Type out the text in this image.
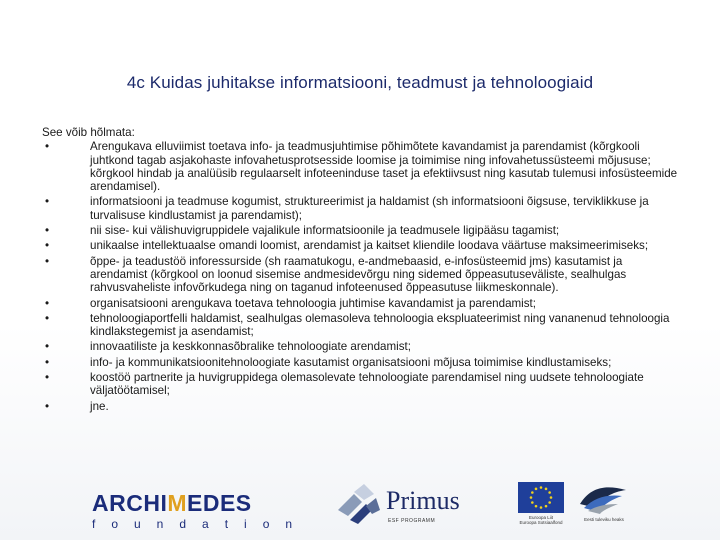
4c Kuidas juhitakse informatsiooni, teadmust ja tehnoloogiaid
See võib hõlmata:
•	Arengukava elluviimist toetava info- ja teadmusjuhtimise põhimõtete kavandamist ja parendamist (kõrgkooli juhtkond tagab asjakohaste infovahetusprotsesside loomise ja toimimise ning infovahetussüsteemi mõjususe; kõrgkool hindab ja analüüsib regulaarselt infoteeninduse taset ja efektiivsust ning kasutab tulemusi infosüsteemide arendamisel).
•	informatsiooni ja teadmuse kogumist, struktureerimist ja haldamist (sh informatsiooni õigsuse, terviklikkuse ja turvalisuse kindlustamist ja parendamist);
•	nii sise- kui välishuvigruppidele vajalikule informatsioonile ja teadmusele ligipääsu tagamist;
•	unikaalse intellektuaalse omandi loomist, arendamist ja kaitset kliendile loodava väärtuse maksimeerimiseks;
•	õppe- ja teadustöö inforessurside (sh raamatukogu, e-andmebaasid, e-infosüsteemid jms) kasutamist ja arendamist (kõrgkool on loonud sisemise andmesidevõrgu ning sidemed õppeasutuseväliste, sealhulgas rahvusvaheliste infovõrkudega ning on taganud infoteenused õppeasutuse liikmeskonnale).
•	organisatsiooni arengukava toetava tehnoloogia juhtimise kavandamist ja parendamist;
•	tehnoloogiaportfelli haldamist, sealhulgas olemasoleva tehnoloogia ekspluateerimist ning vananenud tehnoloogia kindlakstegemist ja asendamist;
•	innovaatiliste ja keskkonnasõbralike tehnoloogiate arendamist;
•	info- ja kommunikatsioonitehnoloogiate kasutamist organisatsiooni mõjusa toimimise kindlustamiseks;
•	koostöö partnerite ja huvigruppidega olemasolevate tehnoloogiate parendamisel ning uudsete tehnoloogiate väljatöötamisel;
•	jne.
ARCHIMEDES
foundation
Primus
ESF PROGRAMM
Euroopa Liit
Euroopa Sotsiaalfond
Eesti tuleviku heaks
